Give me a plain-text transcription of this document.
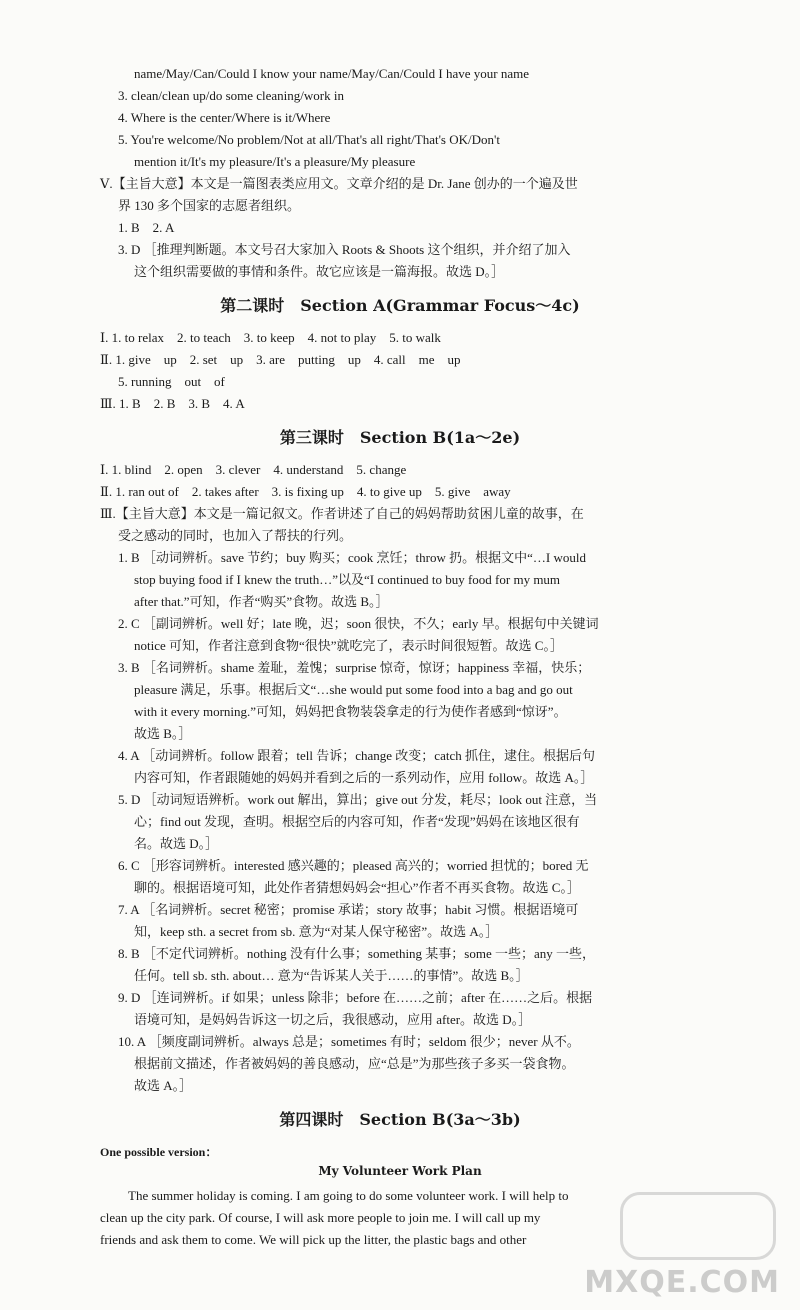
name/May/Can/Could I know your name/May/Can/Could I have your name
3. clean/clean up/do some cleaning/work in
4. Where is the center/Where is it/Where
5. You're welcome/No problem/Not at all/That's all right/That's OK/Don't
mention it/It's my pleasure/It's a pleasure/My pleasure
Ⅴ.【主旨大意】本文是一篇图表类应用文。文章介绍的是 Dr. Jane 创办的一个遍及世
界 130 多个国家的志愿者组织。
1. B　2. A
3. D ［推理判断题。本文号召大家加入 Roots & Shoots 这个组织，并介绍了加入
这个组织需要做的事情和条件。故它应该是一篇海报。故选 D。］
第二课时　Section A(Grammar Focus～4c)
Ⅰ. 1. to relax　2. to teach　3. to keep　4. not to play　5. to walk
Ⅱ. 1. give　up　2. set　up　3. are　putting　up　4. call　me　up
5. running　out　of
Ⅲ. 1. B　2. B　3. B　4. A
第三课时　Section B(1a～2e)
Ⅰ. 1. blind　2. open　3. clever　4. understand　5. change
Ⅱ. 1. ran out of　2. takes after　3. is fixing up　4. to give up　5. give　away
Ⅲ.【主旨大意】本文是一篇记叙文。作者讲述了自己的妈妈帮助贫困儿童的故事，在
受之感动的同时，也加入了帮扶的行列。
1. B ［动词辨析。save 节约；buy 购买；cook 烹饪；throw 扔。根据文中“…I would
stop buying food if I knew the truth…”以及“I continued to buy food for my mum
after that.”可知，作者“购买”食物。故选 B。］
2. C ［副词辨析。well 好；late 晚，迟；soon 很快，不久；early 早。根据句中关键词
notice 可知，作者注意到食物“很快”就吃完了，表示时间很短暂。故选 C。］
3. B ［名词辨析。shame 羞耻，羞愧；surprise 惊奇，惊讶；happiness 幸福，快乐；
pleasure 满足，乐事。根据后文“…she would put some food into a bag and go out
with it every morning.”可知，妈妈把食物装袋拿走的行为使作者感到“惊讶”。
故选 B。］
4. A ［动词辨析。follow 跟着；tell 告诉；change 改变；catch 抓住，逮住。根据后句
内容可知，作者跟随她的妈妈并看到之后的一系列动作，应用 follow。故选 A。］
5. D ［动词短语辨析。work out 解出，算出；give out 分发，耗尽；look out 注意，当
心；find out 发现，查明。根据空后的内容可知，作者“发现”妈妈在该地区很有
名。故选 D。］
6. C ［形容词辨析。interested 感兴趣的；pleased 高兴的；worried 担忧的；bored 无
聊的。根据语境可知，此处作者猜想妈妈会“担心”作者不再买食物。故选 C。］
7. A ［名词辨析。secret 秘密；promise 承诺；story 故事；habit 习惯。根据语境可
知，keep sth. a secret from sb. 意为“对某人保守秘密”。故选 A。］
8. B ［不定代词辨析。nothing 没有什么事；something 某事；some 一些；any 一些，
任何。tell sb. sth. about… 意为“告诉某人关于……的事情”。故选 B。］
9. D ［连词辨析。if 如果；unless 除非；before 在……之前；after 在……之后。根据
语境可知，是妈妈告诉这一切之后，我很感动，应用 after。故选 D。］
10. A ［频度副词辨析。always 总是；sometimes 有时；seldom 很少；never 从不。
根据前文描述，作者被妈妈的善良感动，应“总是”为那些孩子多买一袋食物。
故选 A。］
第四课时　Section B(3a～3b)
One possible version：
My Volunteer Work Plan
The summer holiday is coming. I am going to do some volunteer work. I will help to
clean up the city park. Of course, I will ask more people to join me. I will call up my
friends and ask them to come. We will pick up the litter, the plastic bags and other
MXQE.COM
